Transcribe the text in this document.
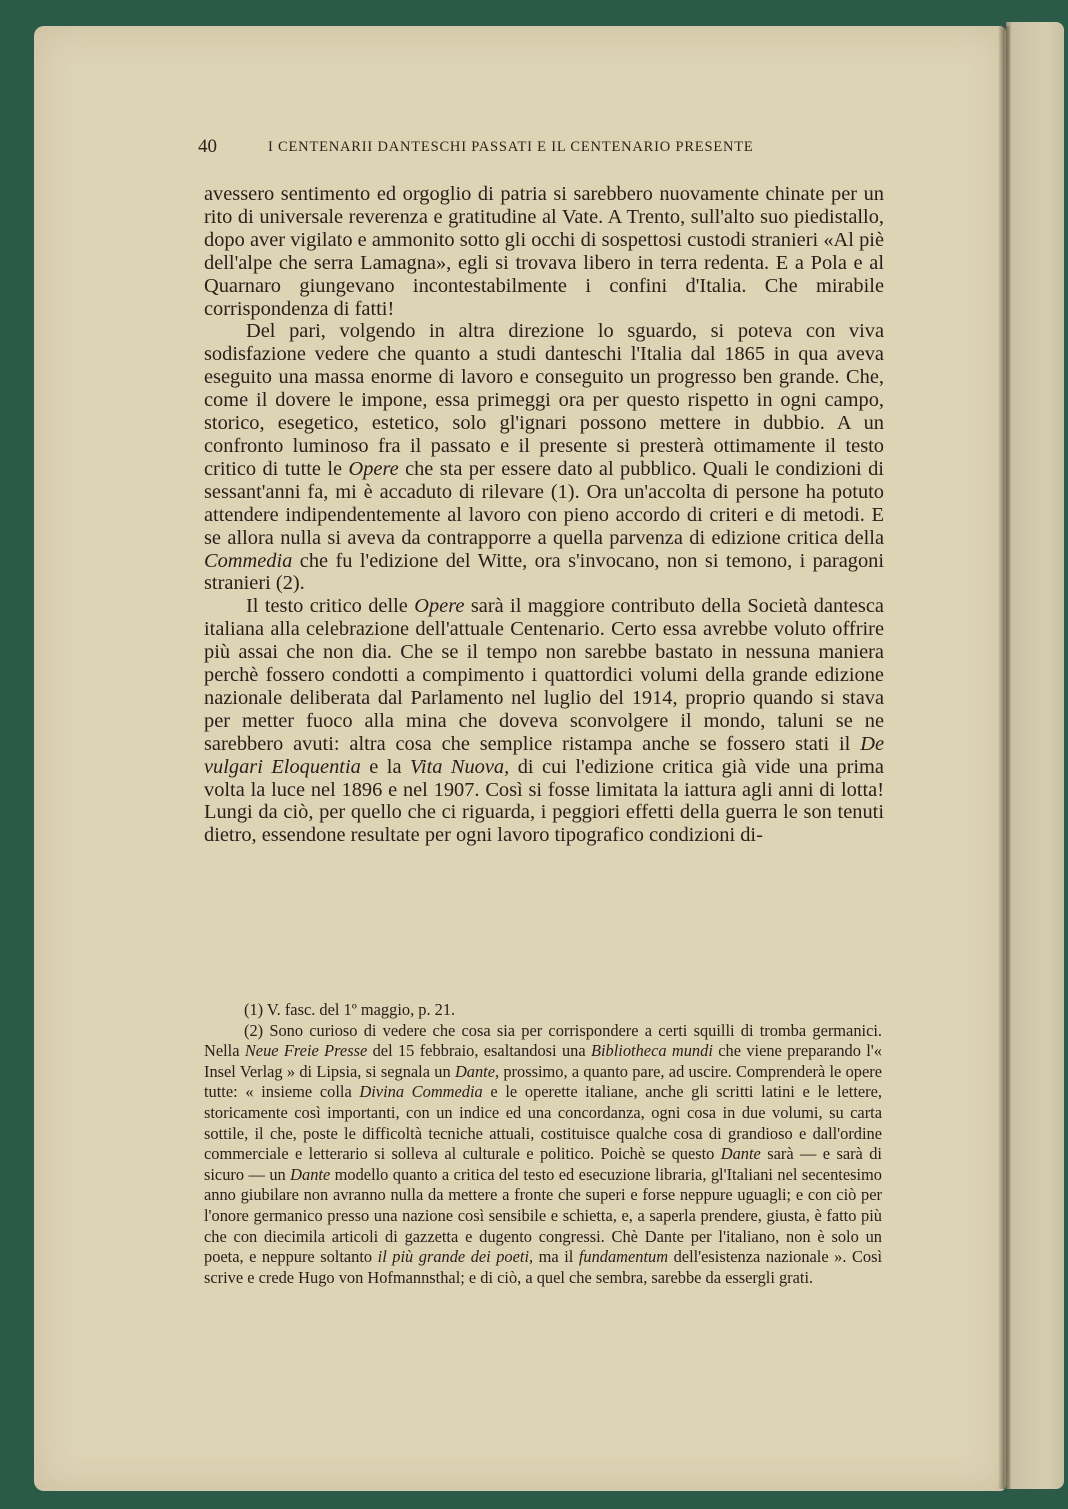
40	I CENTENARII DANTESCHI PASSATI E IL CENTENARIO PRESENTE

avessero sentimento ed orgoglio di patria si sarebbero nuovamente chinate per un rito di universale reverenza e gratitudine al Vate. A Trento, sull'alto suo piedistallo, dopo aver vigilato e ammonito sotto gli occhi di sospettosi custodi stranieri «Al piè dell'alpe che serra Lamagna», egli si trovava libero in terra redenta. E a Pola e al Quarnaro giungevano incontestabilmente i confini d'Italia. Che mirabile corrispondenza di fatti!

Del pari, volgendo in altra direzione lo sguardo, si poteva con viva sodisfazione vedere che quanto a studi danteschi l'Italia dal 1865 in qua aveva eseguito una massa enorme di lavoro e conseguito un progresso ben grande. Che, come il dovere le impone, essa primeggi ora per questo rispetto in ogni campo, storico, esegetico, estetico, solo gl'ignari possono mettere in dubbio. A un confronto luminoso fra il passato e il presente si presterà ottimamente il testo critico di tutte le Opere che sta per essere dato al pubblico. Quali le condizioni di sessant'anni fa, mi è accaduto di rilevare (1). Ora un'accolta di persone ha potuto attendere indipendentemente al lavoro con pieno accordo di criteri e di metodi. E se allora nulla si aveva da contrapporre a quella parvenza di edizione critica della Commedia che fu l'edizione del Witte, ora s'invocano, non si temono, i paragoni stranieri (2).

Il testo critico delle Opere sarà il maggiore contributo della Società dantesca italiana alla celebrazione dell'attuale Centenario. Certo essa avrebbe voluto offrire più assai che non dia. Che se il tempo non sarebbe bastato in nessuna maniera perchè fossero condotti a compimento i quattordici volumi della grande edizione nazionale deliberata dal Parlamento nel luglio del 1914, proprio quando si stava per metter fuoco alla mina che doveva sconvolgere il mondo, taluni se ne sarebbero avuti: altra cosa che semplice ristampa anche se fossero stati il De vulgari Eloquentia e la Vita Nuova, di cui l'edizione critica già vide una prima volta la luce nel 1896 e nel 1907. Così si fosse limitata la iattura agli anni di lotta! Lungi da ciò, per quello che ci riguarda, i peggiori effetti della guerra le son tenuti dietro, essendone resultate per ogni lavoro tipografico condizioni di-

(1) V. fasc. del 1º maggio, p. 21.

(2) Sono curioso di vedere che cosa sia per corrispondere a certi squilli di tromba germanici. Nella Neue Freie Presse del 15 febbraio, esaltandosi una Bibliotheca mundi che viene preparando l'« Insel Verlag » di Lipsia, si segnala un Dante, prossimo, a quanto pare, ad uscire. Comprenderà le opere tutte: « insieme colla Divina Commedia e le operette italiane, anche gli scritti latini e le lettere, storicamente così importanti, con un indice ed una concordanza, ogni cosa in due volumi, su carta sottile, il che, poste le difficoltà tecniche attuali, costituisce qualche cosa di grandioso e dall'ordine commerciale e letterario si solleva al culturale e politico. Poichè se questo Dante sarà — e sarà di sicuro — un Dante modello quanto a critica del testo ed esecuzione libraria, gl'Italiani nel secentesimo anno giubilare non avranno nulla da mettere a fronte che superi e forse neppure uguagli; e con ciò per l'onore germanico presso una nazione così sensibile e schietta, e, a saperla prendere, giusta, è fatto più che con diecimila articoli di gazzetta e dugento congressi. Chè Dante per l'italiano, non è solo un poeta, e neppure soltanto il più grande dei poeti, ma il fundamentum dell'esistenza nazionale ». Così scrive e crede Hugo von Hofmannsthal; e di ciò, a quel che sembra, sarebbe da essergli grati.
